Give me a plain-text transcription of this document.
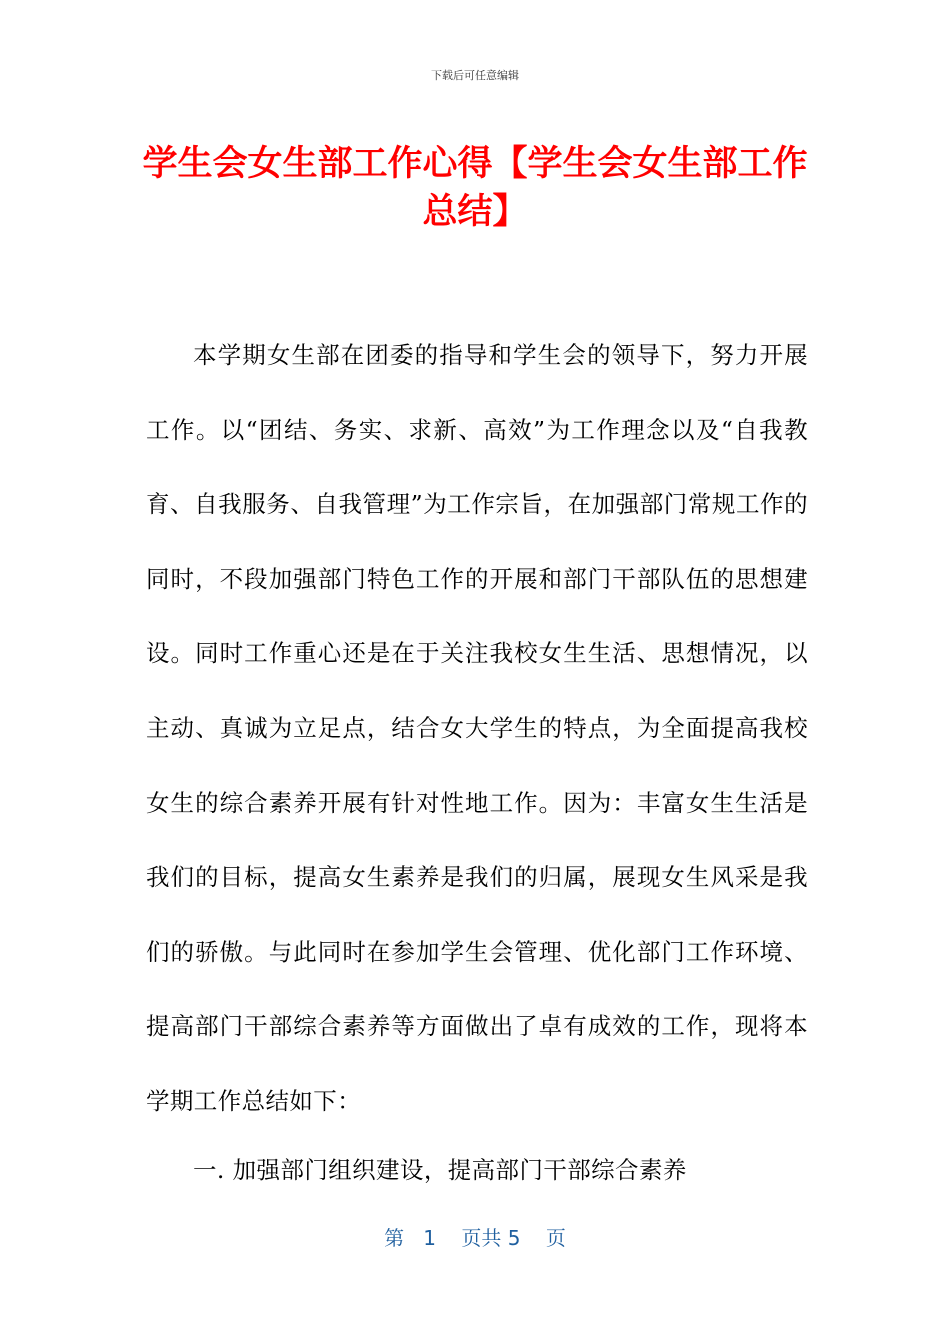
下载后可任意编辑
学生会女生部工作心得【学生会女生部工作总结】

本学期女生部在团委的指导和学生会的领导下，努力开展工作。以“团结、务实、求新、高效”为工作理念以及“自我教育、自我服务、自我管理”为工作宗旨，在加强部门常规工作的同时，不段加强部门特色工作的开展和部门干部队伍的思想建设。同时工作重心还是在于关注我校女生生活、思想情况，以主动、真诚为立足点，结合女大学生的特点，为全面提高我校女生的综合素养开展有针对性地工作。因为：丰富女生生活是我们的目标，提高女生素养是我们的归属，展现女生风采是我们的骄傲。与此同时在参加学生会管理、优化部门工作环境、提高部门干部综合素养等方面做出了卓有成效的工作，现将本学期工作总结如下：

一. 加强部门组织建设，提高部门干部综合素养

第 1 页共 5 页
